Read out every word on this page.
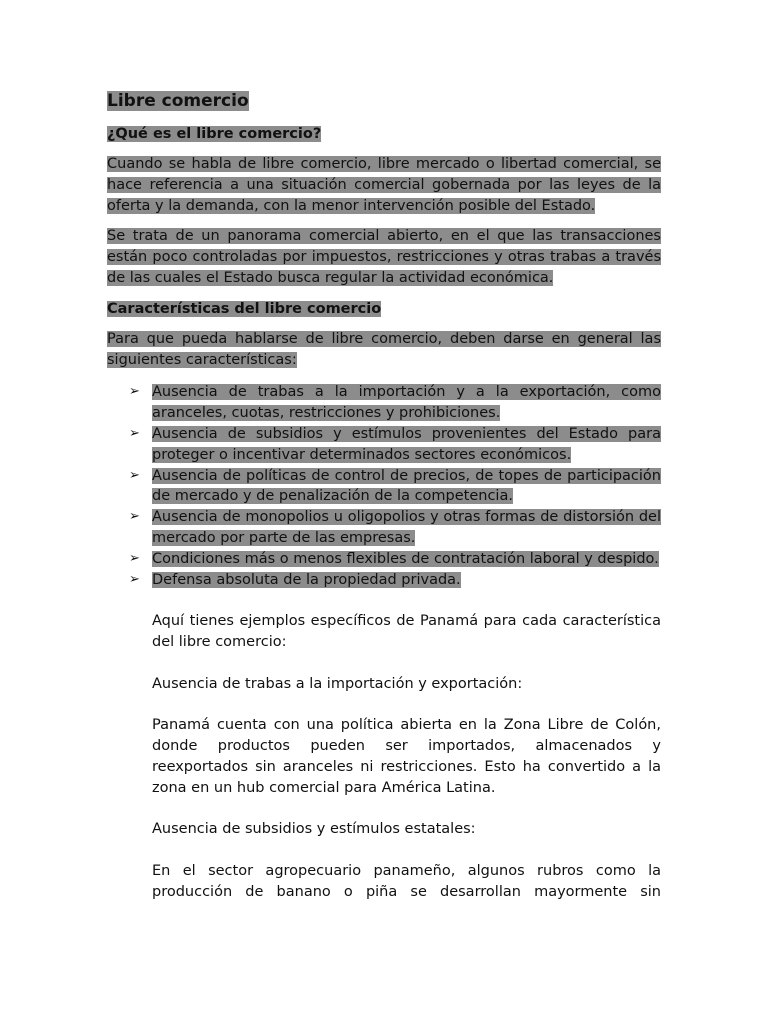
Libre comercio
¿Qué es el libre comercio?

Cuando se habla de libre comercio, libre mercado o libertad comercial, se hace referencia a una situación comercial gobernada por las leyes de la oferta y la demanda, con la menor intervención posible del Estado.

Se trata de un panorama comercial abierto, en el que las transacciones están poco controladas por impuestos, restricciones y otras trabas a través de las cuales el Estado busca regular la actividad económica.

Características del libre comercio

Para que pueda hablarse de libre comercio, deben darse en general las siguientes características:

➢ Ausencia de trabas a la importación y a la exportación, como aranceles, cuotas, restricciones y prohibiciones.
➢ Ausencia de subsidios y estímulos provenientes del Estado para proteger o incentivar determinados sectores económicos.
➢ Ausencia de políticas de control de precios, de topes de participación de mercado y de penalización de la competencia.
➢ Ausencia de monopolios u oligopolios y otras formas de distorsión del mercado por parte de las empresas.
➢ Condiciones más o menos flexibles de contratación laboral y despido.
➢ Defensa absoluta de la propiedad privada.

Aquí tienes ejemplos específicos de Panamá para cada característica del libre comercio:

Ausencia de trabas a la importación y exportación:

Panamá cuenta con una política abierta en la Zona Libre de Colón, donde productos pueden ser importados, almacenados y reexportados sin aranceles ni restricciones. Esto ha convertido a la zona en un hub comercial para América Latina.

Ausencia de subsidios y estímulos estatales:

En el sector agropecuario panameño, algunos rubros como la producción de banano o piña se desarrollan mayormente sin
